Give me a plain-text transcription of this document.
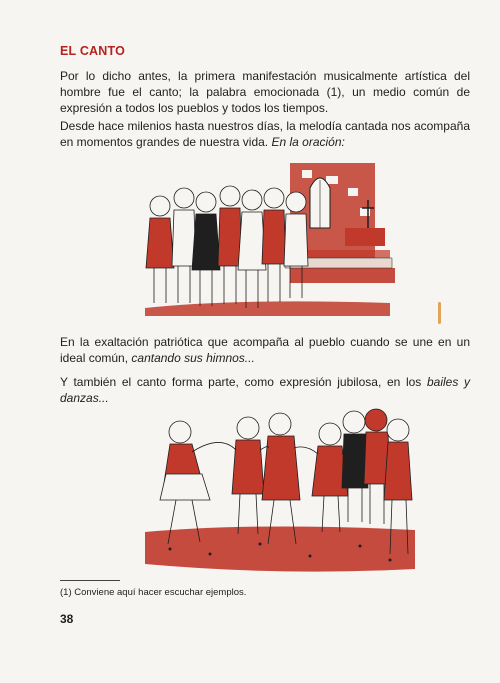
EL CANTO

Por lo dicho antes, la primera manifestación musicalmente artística del hombre fue el canto; la palabra emocionada (1), un medio común de expresión a todos los pueblos y todos los tiempos.

Desde hace milenios hasta nuestros días, la melodía cantada nos acompaña en momentos grandes de nuestra vida. En la oración:

En la exaltación patriótica que acompaña al pueblo cuando se une en un ideal común, cantando sus himnos...

Y también el canto forma parte, como expresión jubilosa, en los bailes y danzas...

(1) Conviene aquí hacer escuchar ejemplos.
38
